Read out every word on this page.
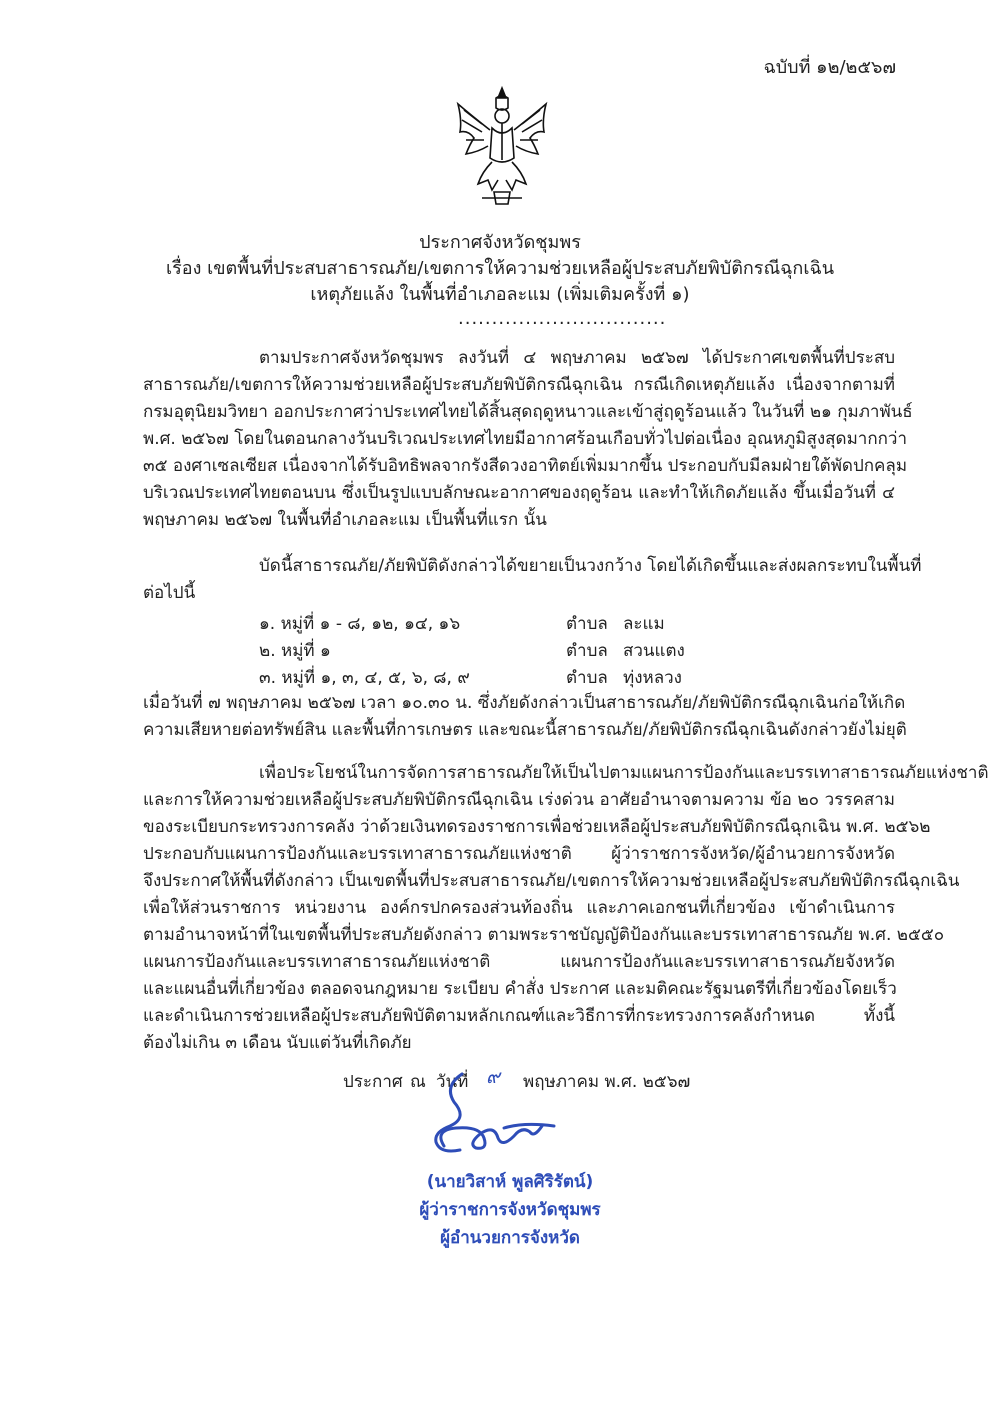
ฉบับที่ ๑๒/๒๕๖๗
ประกาศจังหวัดชุมพร
เรื่อง เขตพื้นที่ประสบสาธารณภัย/เขตการให้ความช่วยเหลือผู้ประสบภัยพิบัติกรณีฉุกเฉิน
เหตุภัยแล้ง ในพื้นที่อำเภอละแม (เพิ่มเติมครั้งที่ ๑)
...............................
ตามประกาศจังหวัดชุมพร ลงวันที่ ๔ พฤษภาคม ๒๕๖๗ ได้ประกาศเขตพื้นที่ประสบ
สาธารณภัย/เขตการให้ความช่วยเหลือผู้ประสบภัยพิบัติกรณีฉุกเฉิน กรณีเกิดเหตุภัยแล้ง เนื่องจากตามที่
กรมอุตุนิยมวิทยา ออกประกาศว่าประเทศไทยได้สิ้นสุดฤดูหนาวและเข้าสู่ฤดูร้อนแล้ว ในวันที่ ๒๑ กุมภาพันธ์
พ.ศ. ๒๕๖๗ โดยในตอนกลางวันบริเวณประเทศไทยมีอากาศร้อนเกือบทั่วไปต่อเนื่อง อุณหภูมิสูงสุดมากกว่า
๓๕ องศาเซลเซียส เนื่องจากได้รับอิทธิพลจากรังสีดวงอาทิตย์เพิ่มมากขึ้น ประกอบกับมีลมฝ่ายใต้พัดปกคลุม
บริเวณประเทศไทยตอนบน ซึ่งเป็นรูปแบบลักษณะอากาศของฤดูร้อน และทำให้เกิดภัยแล้ง ขึ้นเมื่อวันที่ ๔
พฤษภาคม ๒๕๖๗ ในพื้นที่อำเภอละแม เป็นพื้นที่แรก นั้น
บัดนี้สาธารณภัย/ภัยพิบัติดังกล่าวได้ขยายเป็นวงกว้าง โดยได้เกิดขึ้นและส่งผลกระทบในพื้นที่
ต่อไปนี้
๑. หมู่ที่ ๑ - ๘, ๑๒, ๑๔, ๑๖	ตำบล ละแม
๒. หมู่ที่ ๑	ตำบล สวนแตง
๓. หมู่ที่ ๑, ๓, ๔, ๕, ๖, ๘, ๙	ตำบล ทุ่งหลวง
เมื่อวันที่ ๗ พฤษภาคม ๒๕๖๗ เวลา ๑๐.๓๐ น. ซึ่งภัยดังกล่าวเป็นสาธารณภัย/ภัยพิบัติกรณีฉุกเฉินก่อให้เกิด
ความเสียหายต่อทรัพย์สิน และพื้นที่การเกษตร และขณะนี้สาธารณภัย/ภัยพิบัติกรณีฉุกเฉินดังกล่าวยังไม่ยุติ
เพื่อประโยชน์ในการจัดการสาธารณภัยให้เป็นไปตามแผนการป้องกันและบรรเทาสาธารณภัยแห่งชาติ
และการให้ความช่วยเหลือผู้ประสบภัยพิบัติกรณีฉุกเฉิน เร่งด่วน อาศัยอำนาจตามความ ข้อ ๒๐ วรรคสาม
ของระเบียบกระทรวงการคลัง ว่าด้วยเงินทดรองราชการเพื่อช่วยเหลือผู้ประสบภัยพิบัติกรณีฉุกเฉิน พ.ศ. ๒๕๖๒
ประกอบกับแผนการป้องกันและบรรเทาสาธารณภัยแห่งชาติ ผู้ว่าราชการจังหวัด/ผู้อำนวยการจังหวัด
จึงประกาศให้พื้นที่ดังกล่าว เป็นเขตพื้นที่ประสบสาธารณภัย/เขตการให้ความช่วยเหลือผู้ประสบภัยพิบัติกรณีฉุกเฉิน
เพื่อให้ส่วนราชการ หน่วยงาน องค์กรปกครองส่วนท้องถิ่น และภาคเอกชนที่เกี่ยวข้อง เข้าดำเนินการ
ตามอำนาจหน้าที่ในเขตพื้นที่ประสบภัยดังกล่าว ตามพระราชบัญญัติป้องกันและบรรเทาสาธารณภัย พ.ศ. ๒๕๕๐
แผนการป้องกันและบรรเทาสาธารณภัยแห่งชาติ แผนการป้องกันและบรรเทาสาธารณภัยจังหวัด
และแผนอื่นที่เกี่ยวข้อง ตลอดจนกฎหมาย ระเบียบ คำสั่ง ประกาศ และมติคณะรัฐมนตรีที่เกี่ยวข้องโดยเร็ว
และดำเนินการช่วยเหลือผู้ประสบภัยพิบัติตามหลักเกณฑ์และวิธีการที่กระทรวงการคลังกำหนด ทั้งนี้
ต้องไม่เกิน ๓ เดือน นับแต่วันที่เกิดภัย
ประกาศ ณ วันที่ ๙ พฤษภาคม พ.ศ. ๒๕๖๗
(นายวิสาห์ พูลศิริรัตน์)
ผู้ว่าราชการจังหวัดชุมพร
ผู้อำนวยการจังหวัด
